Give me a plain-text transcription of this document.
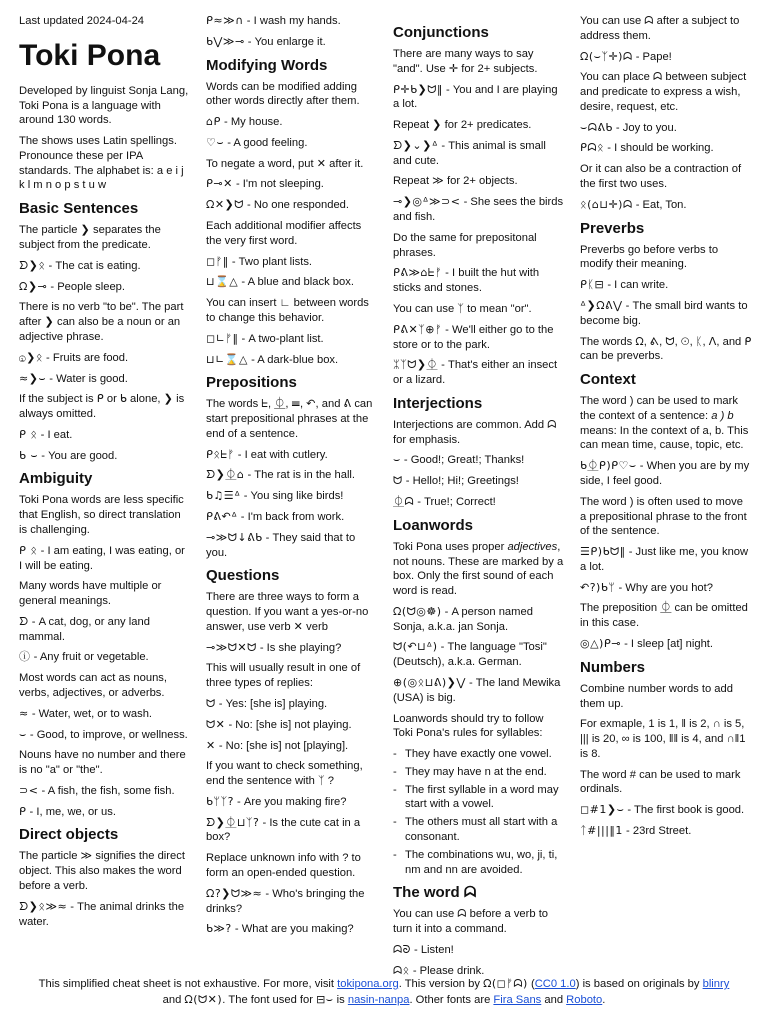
Last updated 2024-04-24

Toki Pona

Developed by linguist Sonja Lang, Toki Pona is a language with around 130 words.

The shows uses Latin spellings. Pronounce these per IPA standards. The alphabet is: a e i j k l m n o p s t u w

Basic Sentences

The particle ❯ separates the subject from the predicate.

ᗤ❯ᛟ - The cat is eating.
ᘯ❯⊸ - People sleep.

There is no verb "to be". The part after ❯ can also be a noun or an adjective phrase.

ⓘ❯ᛟ - Fruits are food.
≈❯⌣ - Water is good.

If the subject is ᑭ or ᑲ alone, ❯ is always omitted.

ᑭ ᛟ - I eat.
ᑲ ⌣ - You are good.
Ambiguity

Toki Pona words are less specific that English, so direct translation is challenging.

ᑭ ᛟ - I am eating, I was eating, or I will be eating.

Many words have multiple or general meanings.

ᗤ - A cat, dog, or any land mammal.
ⓘ - Any fruit or vegetable.

Most words can act as nouns, verbs, adjectives, or adverbs.

≈ - Water, wet, or to wash.
⌣ - Good, to improve, or wellness.

Nouns have no number and there is no "a" or "the".

⊃< - A fish, the fish, some fish.
ᑭ - I, me, we, or us.
Direct objects

The particle ≫ signifies the direct object. This also makes the word before a verb.

ᗤ❯ᛟ≫≈ - The animal drinks the water.
ᑭ≈≫∩ - I wash my hands.
ᑲ⋁≫⊸ - You enlarge it.
Modifying Words

Words can be modified adding other words directly after them.

⌂ᑭ - My house.
♡⌣ - A good feeling.

To negate a word, put ✕ after it.

ᑭ⊸✕ - I'm not sleeping.
ᘯ✕❯ᗢ - No one responded.

Each additional modifier affects the very first word.

◻ᚠ‖ - Two plant lists.
⊔⌛△ - A blue and black box.

You can insert ∟ between words to change this behavior.

◻∟ᚠ‖ - A two-plant list.
⊔∟⌛△ - A dark-blue box.
Prepositions

The words ᖶ, ⏂, ☰, ↶, and ᕕ can start prepositional phrases at the end of a sentence.

ᑭᛟᖶᚠ - I eat with cutlery.
ᗤ❯⏂⌂ - The rat is in the hall.
ᑲ♫☰ᐞ - You sing like birds!
ᑭᕕ↶ᐞ - I'm back from work.
⊸≫ᗢ↓ᕕᑲ - They said that to you.
Questions

There are three ways to form a question. If you want a yes-or-no answer, use verb ✕ verb

⊸≫ᗢ✕ᗢ - Is she playing?

This will usually result in one of three types of replies:

ᗢ - Yes: [she is] playing.
ᗢ✕ - No: [she is] not playing.
✕ - No: [she is] not [playing].

If you want to check something, end the sentence with ᛉ ?

ᑲᛘᛉ? - Are you making fire?
ᗤ❯⏂⊔ᛉ? - Is the cute cat in a box?

Replace unknown info with ? to form an open-ended question.

ᘯ?❯ᗢ≫≈ - Who's bringing the drinks?
ᑲ≫? - What are you making?
Conjunctions

There are many ways to say "and". Use ✛ for 2+ subjects.

ᑭ✛ᑲ❯ᗢ‖ - You and I are playing a lot.

Repeat ❯ for 2+ predicates.

ᗤ❯⌄❯ᐞ - This animal is small and cute.

Repeat ≫ for 2+ objects.

⊸❯◎ᐞ≫⊃< - She sees the birds and fish.

Do the same for prepositonal phrases.

ᑭᕕ≫⌂ᖶᚠ - I built the hut with sticks and stones.

You can use ᛉ to mean "or".

ᑭᕕ✕ᛉ⊕ᚠ - We'll either go to the store or to the park.
ᛯᛉᗢ❯⏂ - That's either an insect or a lizard.
Interjections

Interjections are common. Add ᗣ for emphasis.

⌣ - Good!; Great!; Thanks!
ᗢ - Hello!; Hi!; Greetings!
⏂ᗣ - True!; Correct!
Loanwords

Toki Pona uses proper adjectives, not nouns. These are marked by a box. Only the first sound of each word is read.

ᘯ(ᗢ◎☸) - A person named Sonja, a.k.a. jan Sonja.
ᗢ(↶⊔ᐞ) - The language "Tosi" (Deutsch), a.k.a. German.
⊕(◎ᛟ⊔ᕕ)❯⋁ - The land Mewika (USA) is big.

Loanwords should try to follow Toki Pona's rules for syllables:

- They have exactly one vowel.
- They may have n at the end.
- The first syllable in a word may start with a vowel.
- The others must all start with a consonant.
- The combinations wu, wo, ji, ti, nm and nn are avoided.
The word ᗣ

You can use ᗣ before a verb to turn it into a command.

ᗣᘐ - Listen!
ᗣᛟ - Please drink.

You can use ᗣ after a subject to address them.

ᘯ(⌣ᛉ✛)ᗣ - Pape!

You can place ᗣ between subject and predicate to express a wish, desire, request, etc.

⌣ᗣᕕᑲ - Joy to you.
ᑭᗣᛟ - I should be working.

Or it can also be a contraction of the first two uses.

ᛟ(⌂⊔✛)ᗣ - Eat, Ton.
Preverbs

Preverbs go before verbs to modify their meaning.

ᑭᛕ⊟ - I can write.
ᐞ❯ᘯᕕ⋁ - The small bird wants to become big.

The words ᘯ, ᕕ, ᗢ, ⊙, ᛕ, ᐱ, and ᑭ can be preverbs.

Context

The word ) can be used to mark the context of a sentence: a ) b means: In the context of a, b. This can mean time, cause, topic, etc.

ᑲ⏂ᑭ)ᑭ♡⌣ - When you are by my side, I feel good.

The word ) is often used to move a prepositional phrase to the front of the sentence.

☰ᑭ)ᑲᗢ‖ - Just like me, you know a lot.
↶?)ᑲᛘ - Why are you hot?

The preposition ⏂ can be omitted in this case.

◎△)ᑭ⊸ - I sleep [at] night.
Numbers

Combine number words to add them up.

For exmaple, 1 is 1, ‖ is 2, ∩ is 5, ||| is 20, ∞ is 100, ‖‖ is 4, and ∩‖1 is 8.

The word # can be used to mark ordinals.

◻#1❯⌣ - The first book is good.
ᛏ#|||‖1 - 23rd Street.
This simplified cheat sheet is not exhaustive. For more, visit tokipona.org. This version by ᘯ(◻ᚠᗣ) (CC0 1.0) is based on originals by blinry and ᘯ(ᗢ✕). The font used for ⊟⌣ is nasin-nanpa. Other fonts are Fira Sans and Roboto.
